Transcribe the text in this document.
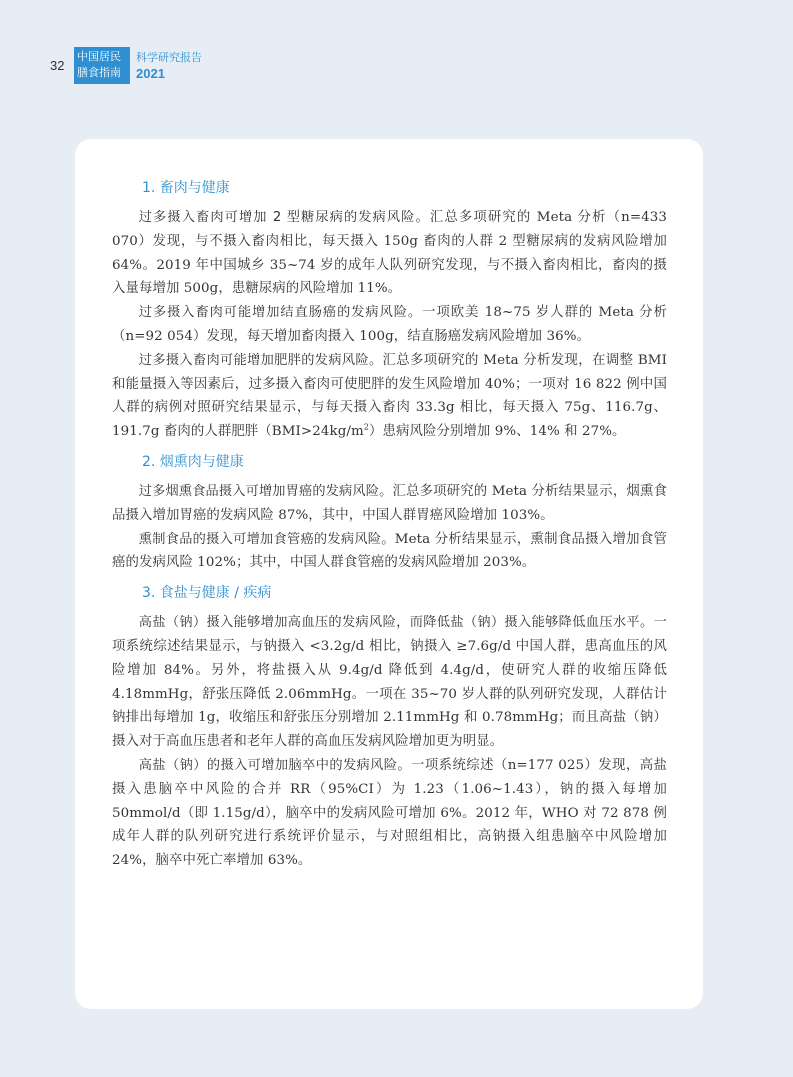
32
中国居民
膳食指南
科学研究报告
2021
1. 畜肉与健康

过多摄入畜肉可增加 2 型糖尿病的发病风险。汇总多项研究的 Meta 分析（n=433 070）发现，与不摄入畜肉相比，每天摄入 150g 畜肉的人群 2 型糖尿病的发病风险增加 64%。2019 年中国城乡 35~74 岁的成年人队列研究发现，与不摄入畜肉相比，畜肉的摄入量每增加 500g，患糖尿病的风险增加 11%。

过多摄入畜肉可能增加结直肠癌的发病风险。一项欧美 18~75 岁人群的 Meta 分析（n=92 054）发现，每天增加畜肉摄入 100g，结直肠癌发病风险增加 36%。

过多摄入畜肉可能增加肥胖的发病风险。汇总多项研究的 Meta 分析发现，在调整 BMI 和能量摄入等因素后，过多摄入畜肉可使肥胖的发生风险增加 40%；一项对 16 822 例中国人群的病例对照研究结果显示，与每天摄入畜肉 33.3g 相比，每天摄入 75g、116.7g、191.7g 畜肉的人群肥胖$(BMI>24kg/m^2)$患病风险分别增加 9%、14% 和 27%。

2. 烟熏肉与健康

过多烟熏食品摄入可增加胃癌的发病风险。汇总多项研究的 Meta 分析结果显示，烟熏食品摄入增加胃癌的发病风险 87%，其中，中国人群胃癌风险增加 103%。

熏制食品的摄入可增加食管癌的发病风险。Meta 分析结果显示，熏制食品摄入增加食管癌的发病风险 102%；其中，中国人群食管癌的发病风险增加 203%。

3. 食盐与健康 / 疾病

高盐（钠）摄入能够增加高血压的发病风险，而降低盐（钠）摄入能够降低血压水平。一项系统综述结果显示，与钠摄入 <3.2g/d 相比，钠摄入 ≥7.6g/d 中国人群，患高血压的风险增加 84%。另外，将盐摄入从 9.4g/d 降低到 4.4g/d，使研究人群的收缩压降低 4.18mmHg，舒张压降低 2.06mmHg。一项在 35~70 岁人群的队列研究发现，人群估计钠排出每增加 1g，收缩压和舒张压分别增加 2.11mmHg 和 0.78mmHg；而且高盐（钠）摄入对于高血压患者和老年人群的高血压发病风险增加更为明显。

高盐（钠）的摄入可增加脑卒中的发病风险。一项系统综述（n=177 025）发现，高盐摄入患脑卒中风险的合并 RR（95%CI）为 1.23（1.06~1.43），钠的摄入每增加 50mmol/d（即 1.15g/d），脑卒中的发病风险可增加 6%。2012 年，WHO 对 72 878 例成年人群的队列研究进行系统评价显示，与对照组相比，高钠摄入组患脑卒中风险增加 24%，脑卒中死亡率增加 63%。
